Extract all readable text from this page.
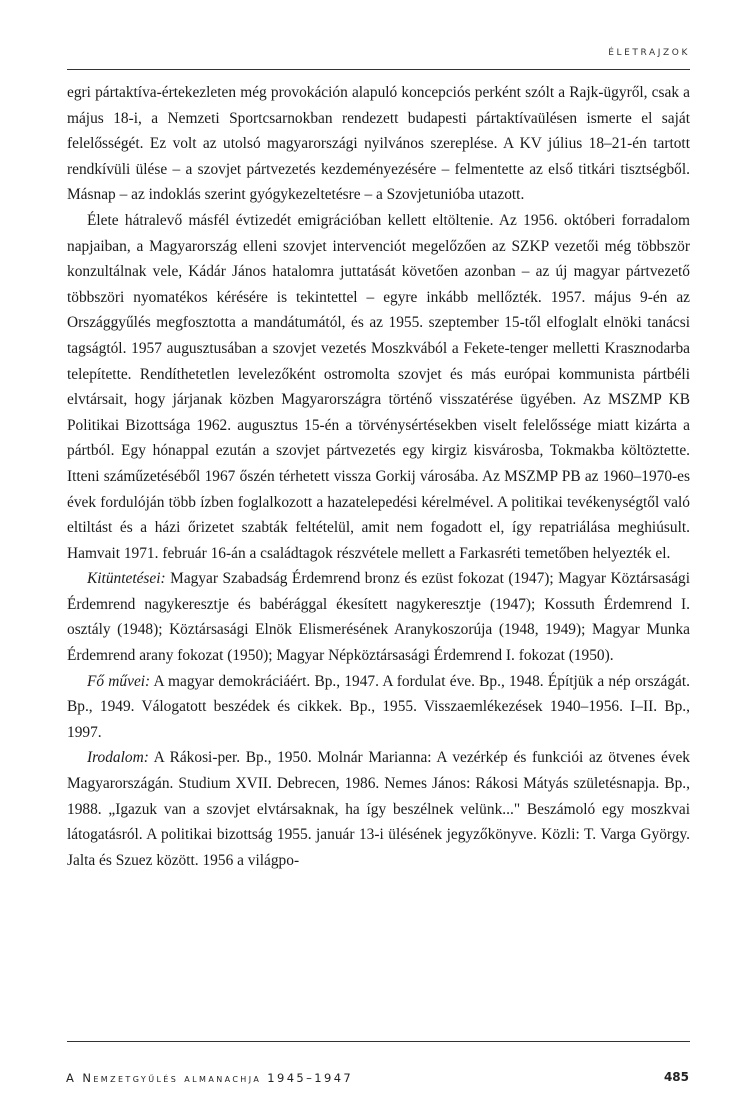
ÉLETRAJZOK

egri pártaktíva-értekezleten még provokáción alapuló koncepciós perként szólt a Rajk-ügyről, csak a május 18-i, a Nemzeti Sportcsarnokban rendezett budapesti pártaktívaülésen ismerte el saját felelősségét. Ez volt az utolsó magyarországi nyilvános szereplése. A KV július 18–21-én tartott rendkívüli ülése – a szovjet pártvezetés kezdeményezésére – felmentette az első titkári tisztségből. Másnap – az indoklás szerint gyógykezeltetésre – a Szovjetunióba utazott.

Élete hátralevő másfél évtizedét emigrációban kellett eltöltenie. Az 1956. októberi forradalom napjaiban, a Magyarország elleni szovjet intervenciót megelőzően az SZKP vezetői még többször konzultálnak vele, Kádár János hatalomra juttatását követően azonban – az új magyar pártvezető többszöri nyomatékos kérésére is tekintettel – egyre inkább mellőzték. 1957. május 9-én az Országgyűlés megfosztotta a mandátumától, és az 1955. szeptember 15-től elfoglalt elnöki tanácsi tagságtól. 1957 augusztusában a szovjet vezetés Moszkvából a Fekete-tenger melletti Krasznodarba telepítette. Rendíthetetlen levelezőként ostromolta szovjet és más európai kommunista pártbéli elvtársait, hogy járjanak közben Magyarországra történő visszatérése ügyében. Az MSZMP KB Politikai Bizottsága 1962. augusztus 15-én a törvénysértésekben viselt felelőssége miatt kizárta a pártból. Egy hónappal ezután a szovjet pártvezetés egy kirgiz kisvárosba, Tokmakba költöztette. Itteni száműzetéséből 1967 őszén térhetett vissza Gorkij városába. Az MSZMP PB az 1960–1970-es évek fordulóján több ízben foglalkozott a hazatelepedési kérelmével. A politikai tevékenységtől való eltiltást és a házi őrizetet szabták feltételül, amit nem fogadott el, így repatriálása meghiúsult. Hamvait 1971. február 16-án a családtagok részvétele mellett a Farkasréti temetőben helyezték el.

Kitüntetései: Magyar Szabadság Érdemrend bronz és ezüst fokozat (1947); Magyar Köztársasági Érdemrend nagykeresztje és babérággal ékesített nagykeresztje (1947); Kossuth Érdemrend I. osztály (1948); Köztársasági Elnök Elismerésének Aranykoszorúja (1948, 1949); Magyar Munka Érdemrend arany fokozat (1950); Magyar Népköztársasági Érdemrend I. fokozat (1950).

Fő művei: A magyar demokráciáért. Bp., 1947. A fordulat éve. Bp., 1948. Építjük a nép országát. Bp., 1949. Válogatott beszédek és cikkek. Bp., 1955. Visszaemlékezések 1940–1956. I–II. Bp., 1997.

Irodalom: A Rákosi-per. Bp., 1950. Molnár Marianna: A vezérkép és funkciói az ötvenes évek Magyarországán. Studium XVII. Debrecen, 1986. Nemes János: Rákosi Mátyás születésnapja. Bp., 1988. „Igazuk van a szovjet elvtársaknak, ha így beszélnek velünk..." Beszámoló egy moszkvai látogatásról. A politikai bizottság 1955. január 13-i ülésének jegyzőkönyve. Közli: T. Varga György. Jalta és Szuez között. 1956 a világpo-

A Nemzetgyűlés almanachja 1945–1947	485
